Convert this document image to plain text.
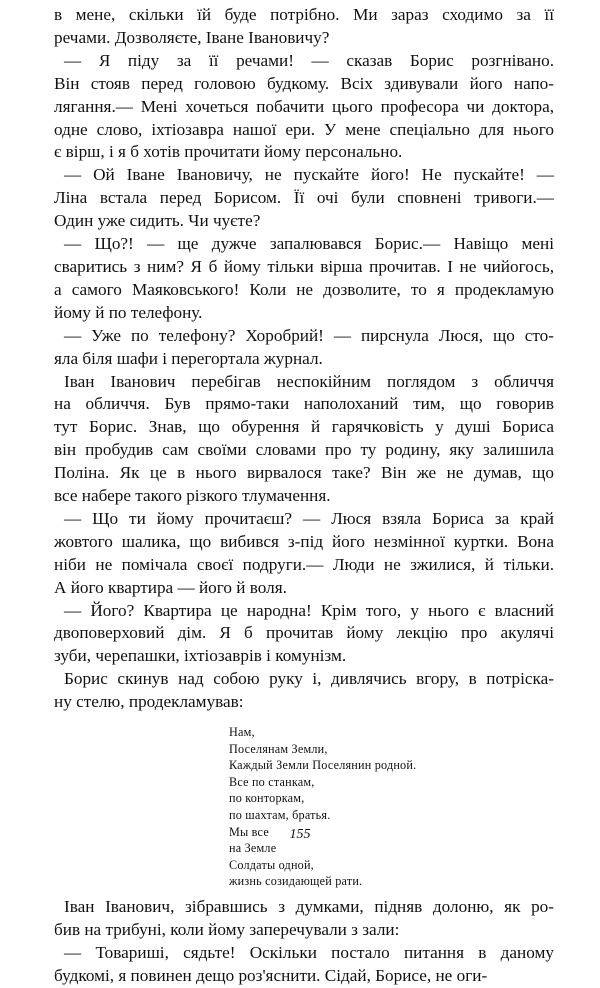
в мене, скільки їй буде потрібно. Ми зараз сходимо за її
речами. Дозволяєте, Іване Івановичу?
— Я піду за її речами! — сказав Борис розгнівано.
Він стояв перед головою будкому. Всіх здивували його напо-
лягання.— Мені хочеться побачити цього професора чи доктора,
одне слово, іхтіозавра нашої ери. У мене спеціально для нього
є вірш, і я б хотів прочитати йому персонально.
— Ой Іване Івановичу, не пускайте його! Не пускайте! —
Ліна встала перед Борисом. Її очі були сповнені тривоги.—
Один уже сидить. Чи чуєте?
— Що?! — ще дужче запалювався Борис.— Навіщо мені
сваритись з ним? Я б йому тільки вірша прочитав. І не чийогось,
а самого Маяковського! Коли не дозволите, то я продекламую
йому й по телефону.
— Уже по телефону? Хоробрий! — пирснула Люся, що сто-
яла біля шафи і перегортала журнал.
Іван Іванович перебігав неспокійним поглядом з обличчя
на обличчя. Був прямо-таки наполоханий тим, що говорив
тут Борис. Знав, що обурення й гарячковість у душі Бориса
він пробудив сам своїми словами про ту родину, яку залишила
Поліна. Як це в нього вирвалося таке? Він же не думав, що
все набере такого різкого тлумачення.
— Що ти йому прочитаєш? — Люся взяла Бориса за край
жовтого шалика, що вибився з-під його незмінної куртки. Вона
ніби не помічала своєї подруги.— Люди не зжилися, й тільки.
А його квартира — його й воля.
— Його? Квартира це народна! Крім того, у нього є власний
двоповерховий дім. Я б прочитав йому лекцію про акулячі
зуби, черепашки, іхтіозаврів і комунізм.
Борис скинув над собою руку і, дивлячись вгору, в потріска-
ну стелю, продекламував:
Нам,
Поселянам Земли,
Каждый Земли Поселянин родной.
Все по станкам,
по конторкам,
по шахтам, братья.
Мы все
на Земле
Солдаты одной,
жизнь созидающей рати.
Іван Іванович, зібравшись з думками, підняв долоню, як ро-
бив на трибуні, коли йому заперечували з зали:
— Товариші, сядьте! Оскільки постало питання в даному
будкомі, я повинен дещо роз'яснити. Сідай, Борисе, не оги-
155
